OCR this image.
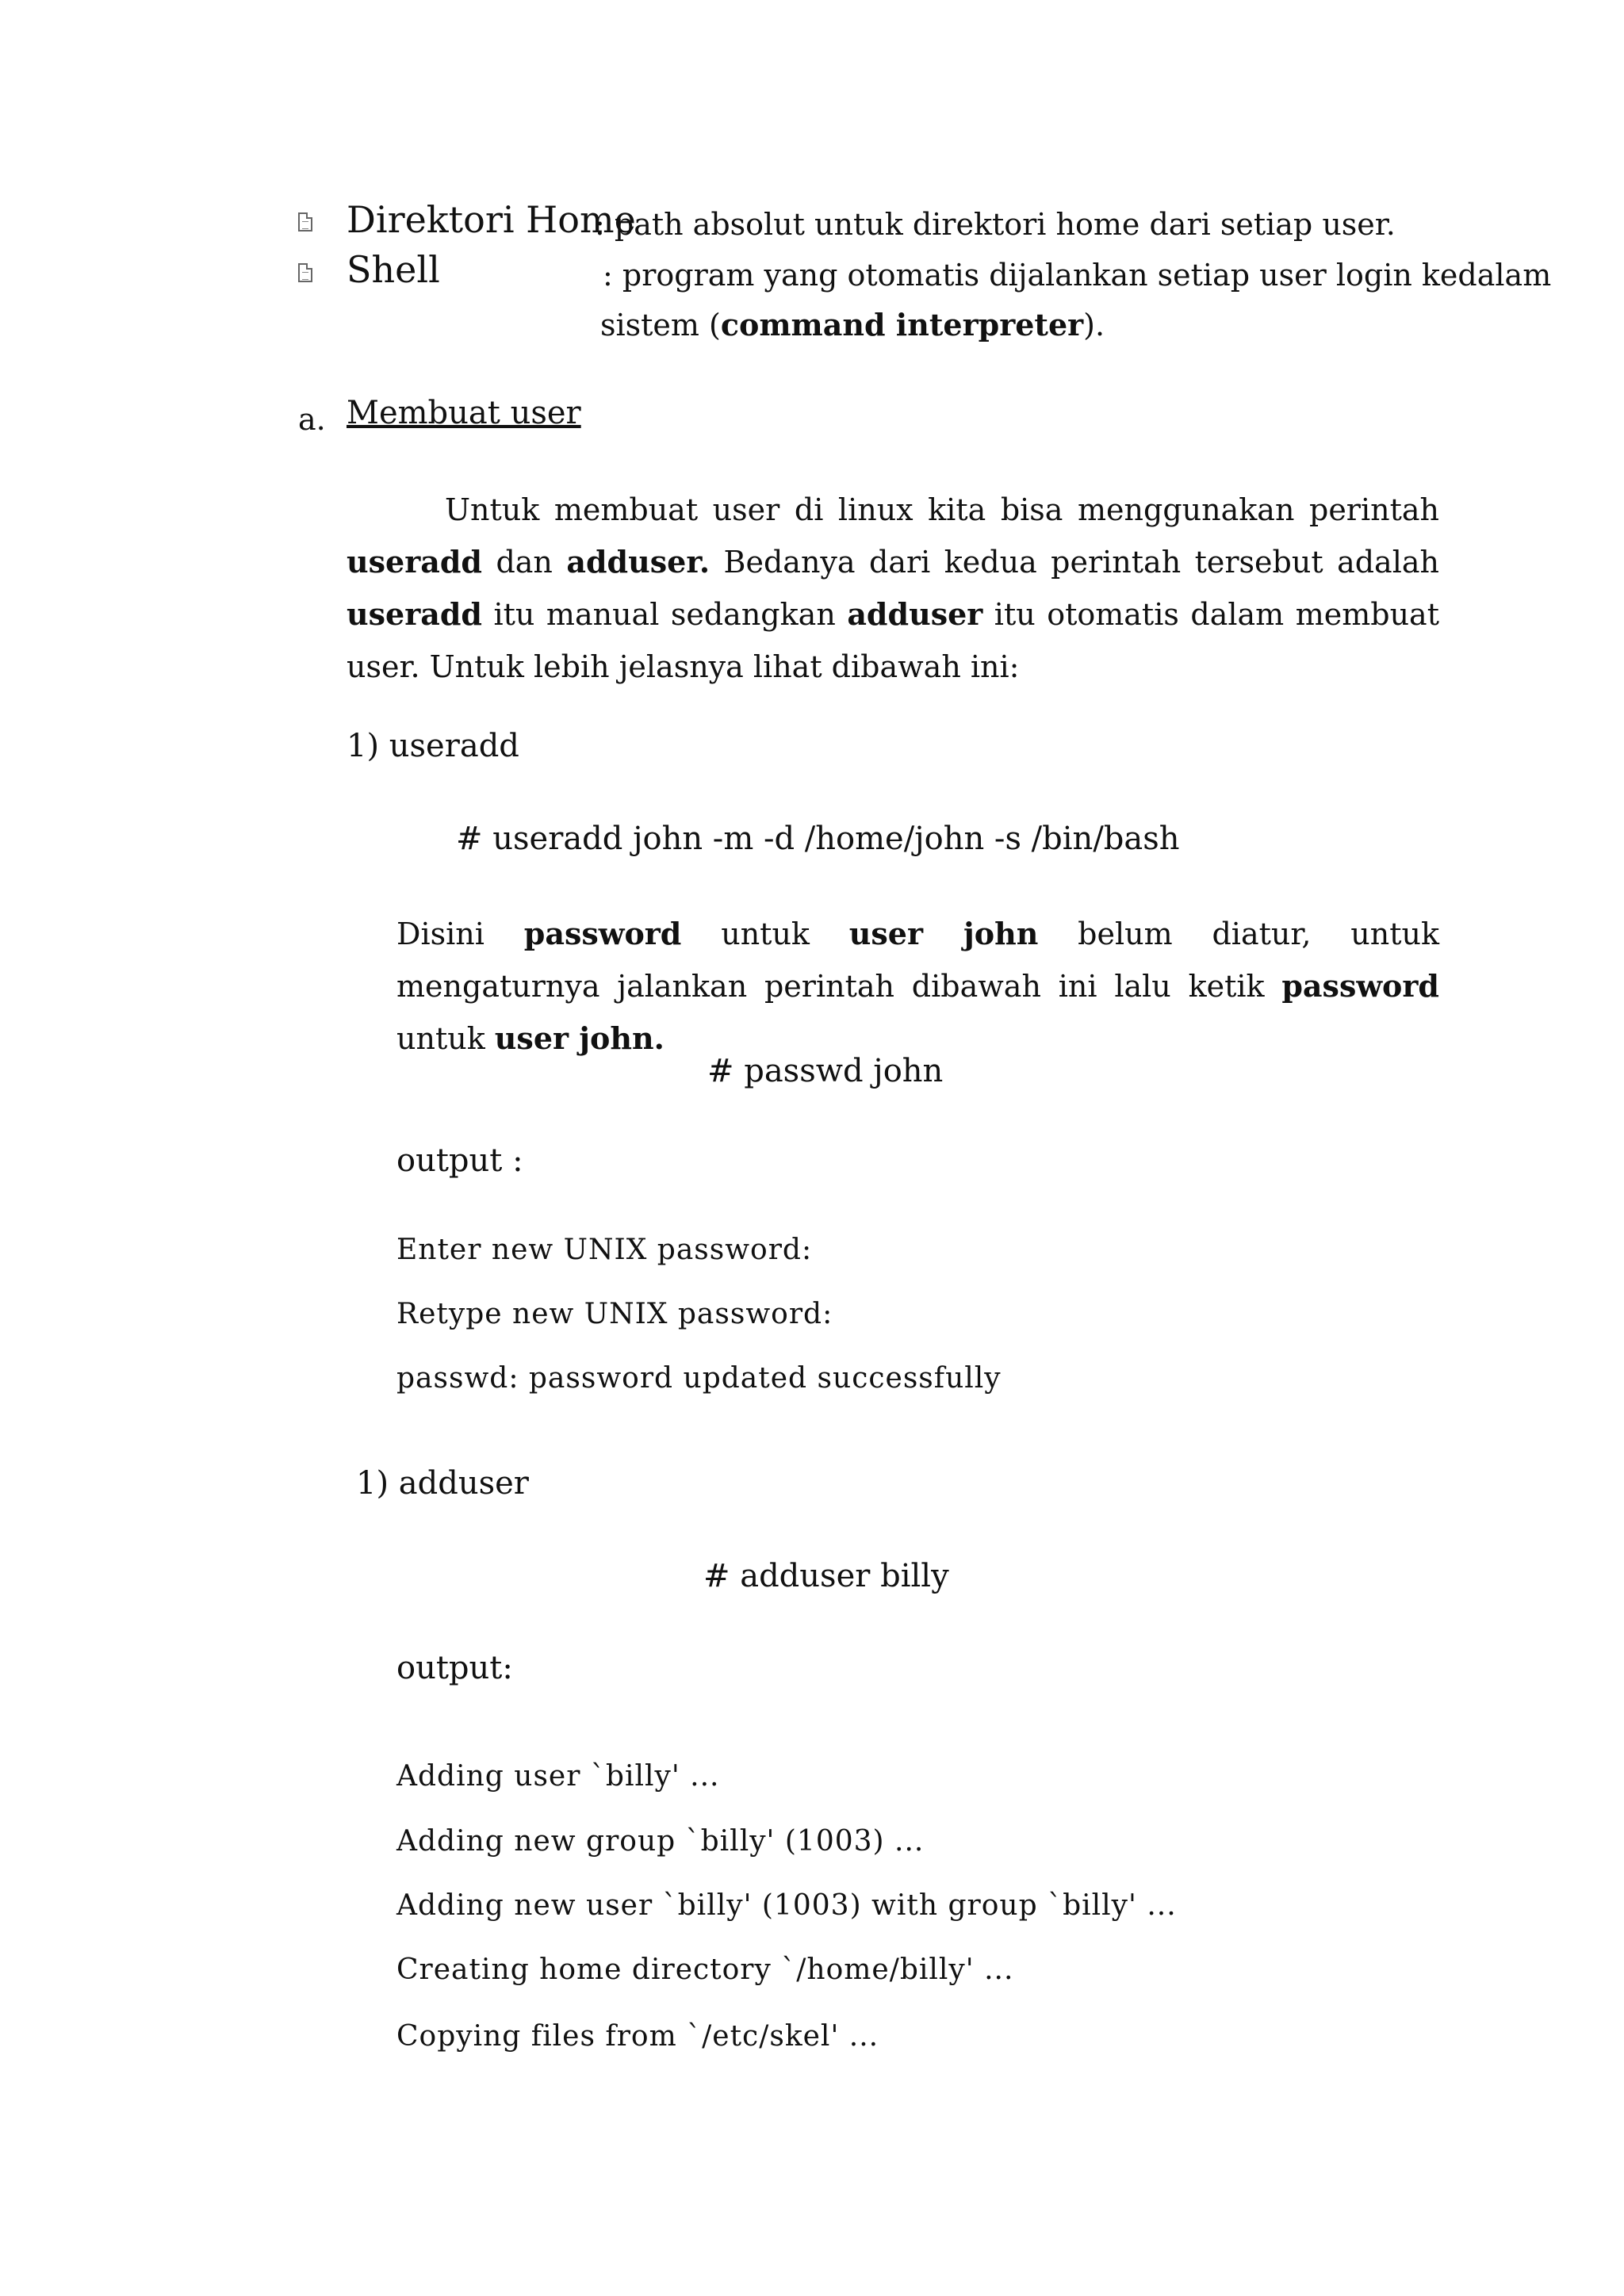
Direktori Home
: path absolut untuk direktori home dari setiap user.
Shell	: program yang otomatis dijalankan setiap user login kedalam
sistem (command interpreter).
a. Membuat user
Untuk membuat user di linux kita bisa menggunakan perintah useradd dan adduser. Bedanya dari kedua perintah tersebut adalah useradd itu manual sedangkan adduser itu otomatis dalam membuat user. Untuk lebih jelasnya lihat dibawah ini:
1) useradd
# useradd john -m -d /home/john -s /bin/bash
Disini password untuk user john belum diatur, untuk mengaturnya jalankan perintah dibawah ini lalu ketik password untuk user john.
# passwd john
output :
Enter new UNIX password:
Retype new UNIX password:
passwd: password updated successfully
1) adduser
# adduser billy
output:
Adding user `billy' ...
Adding new group `billy' (1003) ...
Adding new user `billy' (1003) with group `billy' ...
Creating home directory `/home/billy' ...
Copying files from `/etc/skel' ...
